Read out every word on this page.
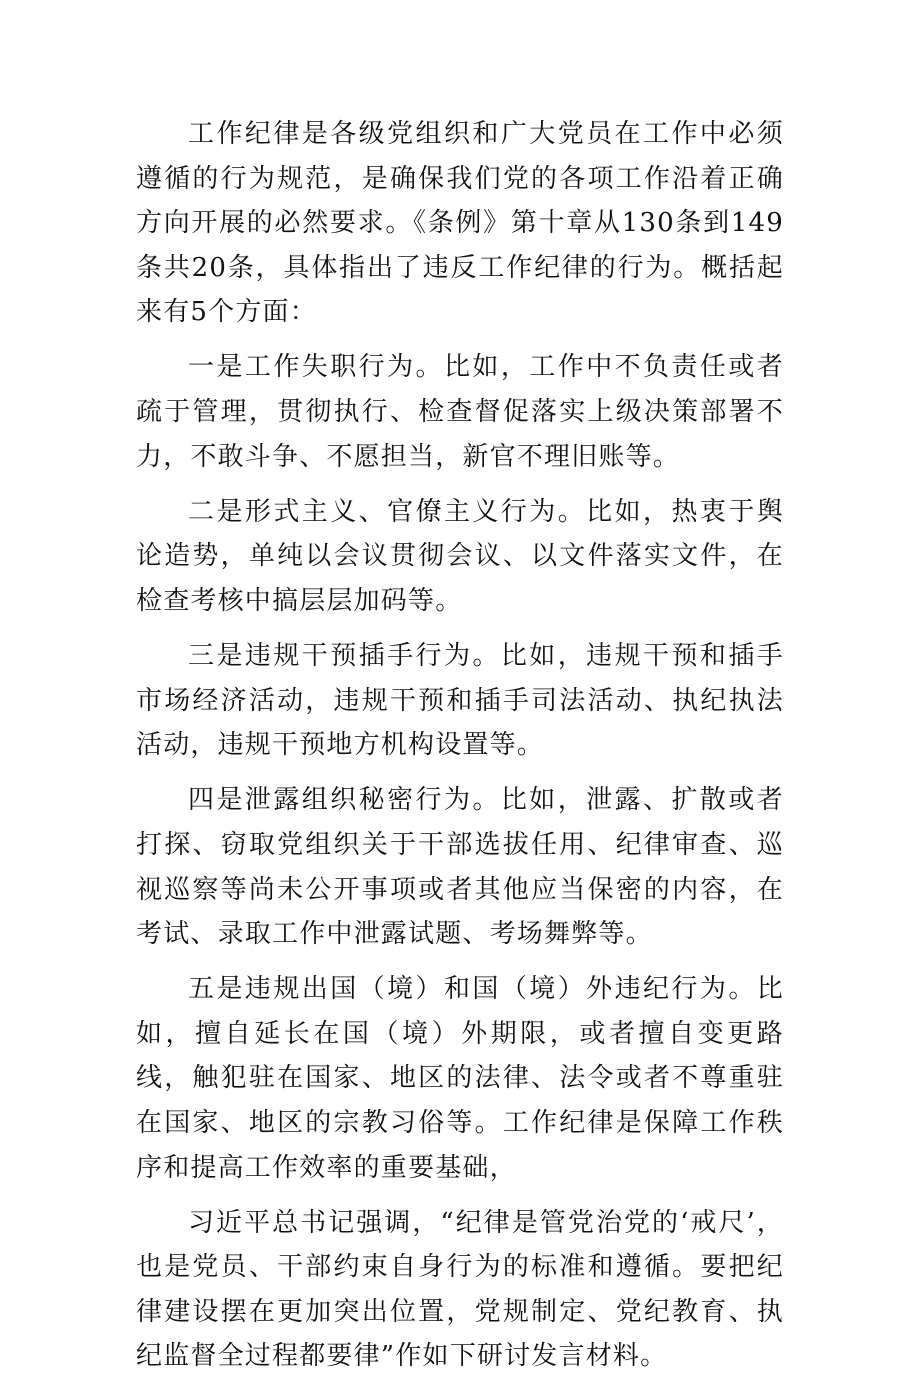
工作纪律是各级党组织和广大党员在工作中必须遵循的行为规范，是确保我们党的各项工作沿着正确方向开展的必然要求。《条例》第十章从130条到149条共20条，具体指出了违反工作纪律的行为。概括起来有5个方面：

一是工作失职行为。比如，工作中不负责任或者疏于管理，贯彻执行、检查督促落实上级决策部署不力，不敢斗争、不愿担当，新官不理旧账等。

二是形式主义、官僚主义行为。比如，热衷于舆论造势，单纯以会议贯彻会议、以文件落实文件，在检查考核中搞层层加码等。

三是违规干预插手行为。比如，违规干预和插手市场经济活动，违规干预和插手司法活动、执纪执法活动，违规干预地方机构设置等。

四是泄露组织秘密行为。比如，泄露、扩散或者打探、窃取党组织关于干部选拔任用、纪律审查、巡视巡察等尚未公开事项或者其他应当保密的内容，在考试、录取工作中泄露试题、考场舞弊等。

五是违规出国（境）和国（境）外违纪行为。比如，擅自延长在国（境）外期限，或者擅自变更路线，触犯驻在国家、地区的法律、法令或者不尊重驻在国家、地区的宗教习俗等。工作纪律是保障工作秩序和提高工作效率的重要基础，

习近平总书记强调，“纪律是管党治党的‘戒尺’，也是党员、干部约束自身行为的标准和遵循。要把纪律建设摆在更加突出位置，党规制定、党纪教育、执纪监督全过程都要律”作如下研讨发言材料。
